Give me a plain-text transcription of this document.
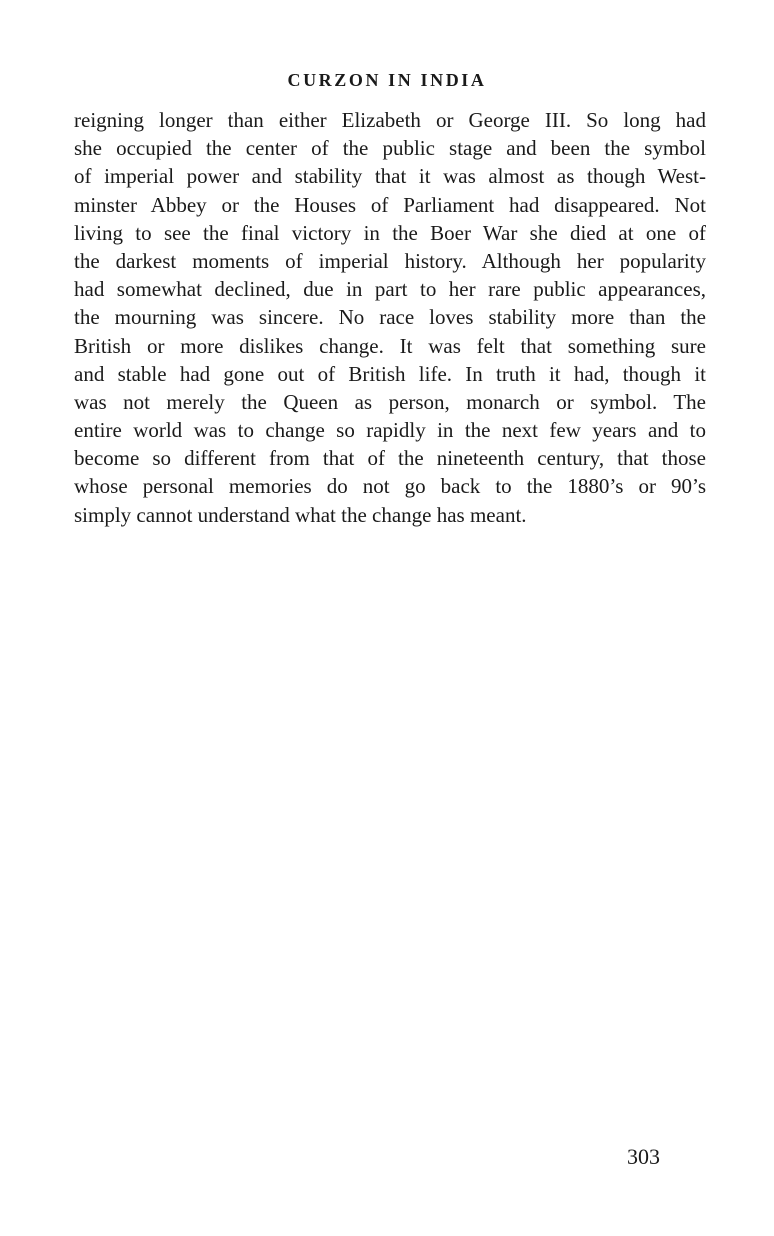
CURZON IN INDIA
reigning longer than either Elizabeth or George III. So long had
she occupied the center of the public stage and been the symbol
of imperial power and stability that it was almost as though West-
minster Abbey or the Houses of Parliament had disappeared. Not
living to see the final victory in the Boer War she died at one of
the darkest moments of imperial history. Although her popularity
had somewhat declined, due in part to her rare public appearances,
the mourning was sincere. No race loves stability more than the
British or more dislikes change. It was felt that something sure
and stable had gone out of British life. In truth it had, though it
was not merely the Queen as person, monarch or symbol. The
entire world was to change so rapidly in the next few years and to
become so different from that of the nineteenth century, that those
whose personal memories do not go back to the 1880’s or 90’s
simply cannot understand what the change has meant.
303
